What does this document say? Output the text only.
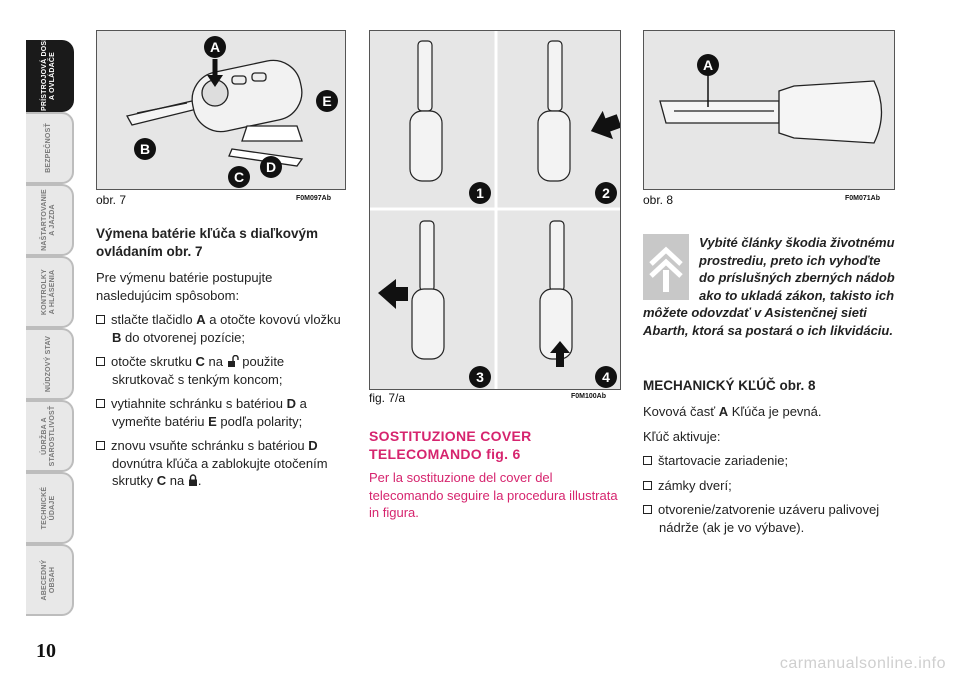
PRÍSTROJOVÁ DOSKA
A OVLÁDAČE
BEZPEČNOSŤ
NAŠTARTOVANIE
A JAZDA
KONTROLKY
A HLÁSENIA
NÚDZOVÝ STAV
ÚDRŽBA A
STAROSTLIVOSŤ
TECHNICKÉ
ÚDAJE
ABECEDNÝ
OBSAH
10
A
B
C
D
E
obr. 7	F0M097Ab	1	2
3	4
fig. 7/a	F0M100Ab
A
obr. 8	F0M071Ab
Výmena batérie kľúča s diaľkovým ovládaním obr. 7

Pre výmenu batérie postupujte nasledujúcim spôsobom:

stlačte tlačidlo A a otočte kovovú vložku B do otvorenej pozície;
otočte skrutku C na  použite skrutkovač s tenkým koncom;
vytiahnite schránku s batériou D a vymeňte batériu E podľa polarity;
znovu vsuňte schránku s batériou D dovnútra kľúča a zablokujte otočením skrutky C na .
SOSTITUZIONE COVER TELECOMANDO fig. 6

Per la sostituzione del cover del telecomando seguire la procedura illustrata in figura.

Vybité články škodia životnému prostrediu, preto ich vyhoďte do príslušných zberných nádob ako to ukladá zákon, takisto ich môžete odovzdať v Asistenčnej sieti Abarth, ktorá sa postará o ich likvidáciu.
MECHANICKÝ KĽÚČ obr. 8

Kovová časť A Kľúča je pevná.

Kľúč aktivuje:

štartovacie zariadenie;
zámky dverí;
otvorenie/zatvorenie uzáveru palivovej nádrže (ak je vo výbave).
carmanualsonline.info
